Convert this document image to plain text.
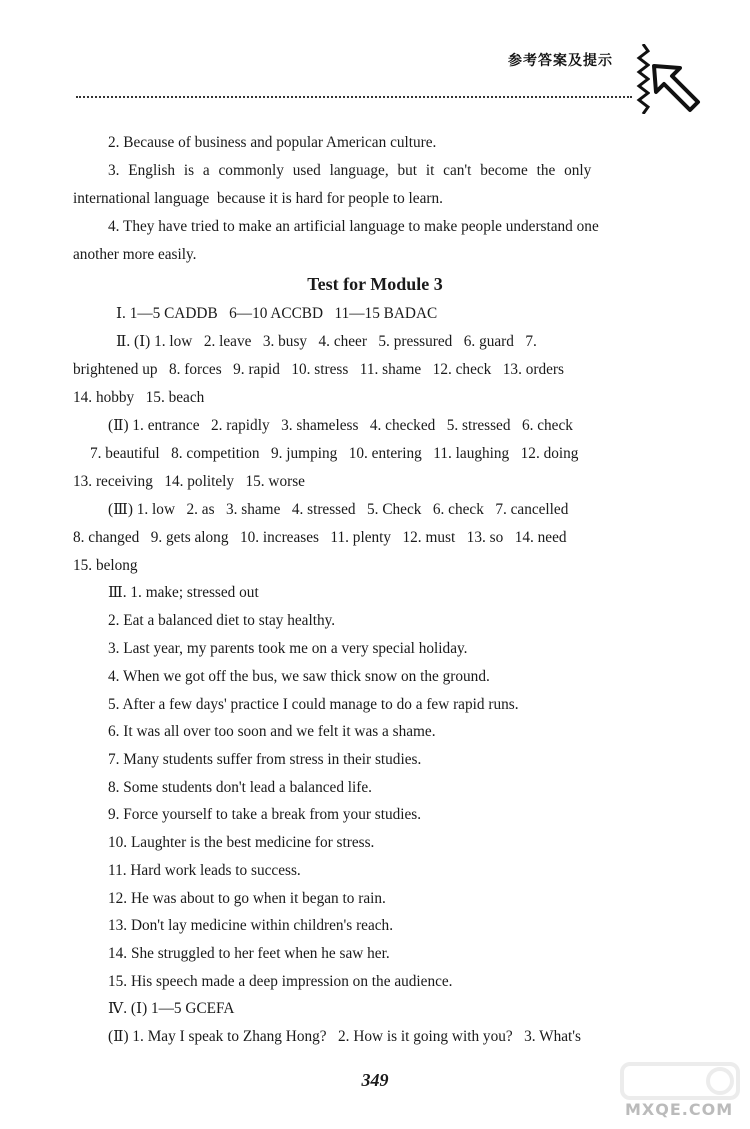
参考答案及提示
2. Because of business and popular American culture.
3. English is a commonly used language, but it can't become the only
international language  because it is hard for people to learn.
4. They have tried to make an artificial language to make people understand one
another more easily.
Test for Module 3
Ⅰ. 1—5 CADDB   6—10 ACCBD   11—15 BADAC
Ⅱ. (Ⅰ) 1. low   2. leave   3. busy   4. cheer   5. pressured   6. guard   7.
brightened up   8. forces   9. rapid   10. stress   11. shame   12. check   13. orders
14. hobby   15. beach
(Ⅱ) 1. entrance   2. rapidly   3. shameless   4. checked   5. stressed   6. check
7. beautiful   8. competition   9. jumping   10. entering   11. laughing   12. doing
13. receiving   14. politely   15. worse
(Ⅲ) 1. low   2. as   3. shame   4. stressed   5. Check   6. check   7. cancelled
8. changed   9. gets along   10. increases   11. plenty   12. must   13. so   14. need
15. belong
Ⅲ. 1. make; stressed out
2. Eat a balanced diet to stay healthy.
3. Last year, my parents took me on a very special holiday.
4. When we got off the bus, we saw thick snow on the ground.
5. After a few days' practice I could manage to do a few rapid runs.
6. It was all over too soon and we felt it was a shame.
7. Many students suffer from stress in their studies.
8. Some students don't lead a balanced life.
9. Force yourself to take a break from your studies.
10. Laughter is the best medicine for stress.
11. Hard work leads to success.
12. He was about to go when it began to rain.
13. Don't lay medicine within children's reach.
14. She struggled to her feet when he saw her.
15. His speech made a deep impression on the audience.
Ⅳ. (Ⅰ) 1—5 GCEFA
(Ⅱ) 1. May I speak to Zhang Hong?   2. How is it going with you?   3. What's
349
MXQE.COM
